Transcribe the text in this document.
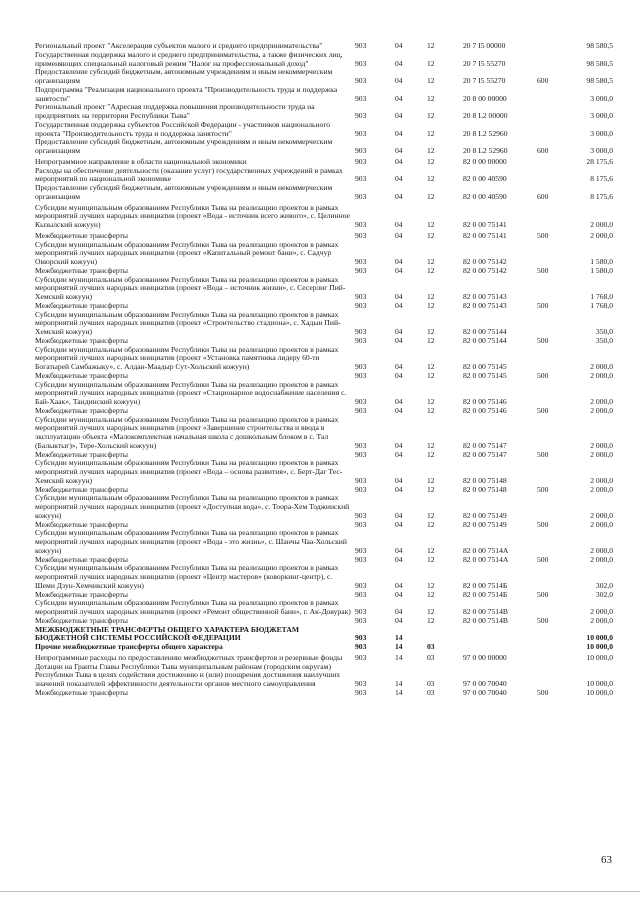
Региональный проект "Акселерация субъектов малого и среднего предпринимательства"	903	04	12	20 7 I5 00000	98 580,5
Государственная поддержка малого и среднего предпринимательства, а также физических лиц, применяющих специальный налоговый режим "Налог на профессиональный доход"	903	04	12	20 7 I5 55270	98 580,5
Предоставление субсидий бюджетным, автономным учреждениям и иным некоммерческим организациям	903	04	12	20 7 I5 55270	600	98 580,5
Подпрограмма "Реализация национального проекта "Производительность труда и поддержка занятости"	903	04	12	20 8 00 00000	3 000,0
Региональный проект "Адресная поддержка повышения производительности труда на предприятиях на территории Республики Тыва"	903	04	12	20 8 L2 00000	3 000,0
Государственная поддержка субъектов Российской Федерации - участников национального проекта "Производительность труда и поддержка занятости"	903	04	12	20 8 L2 52960	3 000,0
Предоставление субсидий бюджетным, автономным учреждениям и иным некоммерческим организациям	903	04	12	20 8 L2 52960	600	3 000,0
Непрограммное направление в области национальной экономики	903	04	12	82 0 00 00000	28 175,6
Расходы на обеспечение деятельности (оказание услуг) государственных учреждений в рамках мероприятий по национальной экономике	903	04	12	82 0 00 40590	8 175,6
Предоставление субсидий бюджетным, автономным учреждениям и иным некоммерческим организациям	903	04	12	82 0 00 40590	600	8 175,6
Субсидии муниципальным образованиям Республики Тыва на реализацию проектов в рамках мероприятий лучших народных инициатив (проект «Вода - источник всего живого», с. Целинное Кызылский кожуун)	903	04	12	82 0 00 75141	2 000,0
Межбюджетные трансферты	903	04	12	82 0 00 75141	500	2 000,0
Субсидии муниципальным образованиям Республики Тыва на реализацию проектов в рамках мероприятий лучших народных инициатив (проект «Капитальный ремонт бани», с. Садчур Овюрский кожуун)	903	04	12	82 0 00 75142	1 580,0
Межбюджетные трансферты	903	04	12	82 0 00 75142	500	1 580,0
Субсидии муниципальным образованиям Республики Тыва на реализацию проектов в рамках мероприятий лучших народных инициатив (проект «Вода – источник жизни», с. Сесерлиг Пий-Хемский кожуун)	903	04	12	82 0 00 75143	1 768,0
Межбюджетные трансферты	903	04	12	82 0 00 75143	500	1 768,0
Субсидии муниципальным образованиям Республики Тыва на реализацию проектов в рамках мероприятий лучших народных инициатив (проект «Строительство стадиона», с. Хадын Пий-Хемский кожуун)	903	04	12	82 0 00 75144	350,0
Межбюджетные трансферты	903	04	12	82 0 00 75144	500	350,0
Субсидии муниципальным образованиям Республики Тыва на реализацию проектов в рамках мероприятий лучших народных инициатив (проект «Установка памятника лидеру 60-ти Богатырей Самбажыку», с. Алдан-Маадыр Сут-Хольский кожуун)	903	04	12	82 0 00 75145	2 000,0
Межбюджетные трансферты	903	04	12	82 0 00 75145	500	2 000,0
Субсидии муниципальным образованиям Республики Тыва на реализацию проектов в рамках мероприятий лучших народных инициатив (проект «Стационарное водоснабжение населения с. Бай-Хаак», Тандинский кожуун)	903	04	12	82 0 00 75146	2 000,0
Межбюджетные трансферты	903	04	12	82 0 00 75146	500	2 000,0
Субсидии муниципальным образованиям Республики Тыва на реализацию проектов в рамках мероприятий лучших народных инициатив (проект «Завершение строительства и ввода в эксплуатацию объекта «Малокомплектная начальная школа с дошкольным блоком в с. Тал (Балыктыг)», Тере-Хольский кожуун)	903	04	12	82 0 00 75147	2 000,0
Межбюджетные трансферты	903	04	12	82 0 00 75147	500	2 000,0
Субсидии муниципальным образованиям Республики Тыва на реализацию проектов в рамках мероприятий лучших народных инициатив (проект «Вода – основа развития», с. Берт-Даг Тес-Хемский кожуун)	903	04	12	82 0 00 75148	2 000,0
Межбюджетные трансферты	903	04	12	82 0 00 75148	500	2 000,0
Субсидии муниципальным образованиям Республики Тыва на реализацию проектов в рамках мероприятий лучших народных инициатив (проект «Доступная вода», с. Тоора-Хем Тоджинский кожуун)	903	04	12	82 0 00 75149	2 000,0
Межбюджетные трансферты	903	04	12	82 0 00 75149	500	2 000,0
Субсидии муниципальным образованиям Республики Тыва на реализацию проектов в рамках мероприятий лучших народных инициатив (проект «Вода - это жизнь», с. Шанчы Чаа-Хольский кожуун)	903	04	12	82 0 00 7514А	2 000,0
Межбюджетные трансферты	903	04	12	82 0 00 7514А	500	2 000,0
Субсидии муниципальным образованиям Республики Тыва на реализацию проектов в рамках мероприятий лучших народных инициатив (проект «Центр мастеров» (коворкинг-центр), с. Шеми Дзун-Хемчикский кожуун)	903	04	12	82 0 00 7514Б	302,0
Межбюджетные трансферты	903	04	12	82 0 00 7514Б	500	302,0
Субсидии муниципальным образованиям Республики Тыва на реализацию проектов в рамках мероприятий лучших народных инициатив (проект «Ремонт общественной бани», г. Ак-Довурак) 903	04	12	82 0 00 7514В	2 000,0
Межбюджетные трансферты	903	04	12	82 0 00 7514В	500	2 000,0
МЕЖБЮДЖЕТНЫЕ ТРАНСФЕРТЫ ОБЩЕГО ХАРАКТЕРА БЮДЖЕТАМ БЮДЖЕТНОЙ СИСТЕМЫ РОССИЙСКОЙ ФЕДЕРАЦИИ	903	14	10 000,0
Прочие межбюджетные трансферты общего характера	903	14	03	10 000,0
Непрограммные расходы по предоставлению межбюджетных трансфертов и резервные фонды	903	14	03	97 0 00 00000	10 000,0
Дотации на Гранты Главы Республики Тыва муниципальным районам (городским округам) Республики Тыва в целях содействия достижению и (или) поощрения достижения наилучших значений показателей эффективности деятельности органов местного самоуправления	903	14	03	97 0 00 70040	10 000,0
Межбюджетные трансферты	903	14	03	97 0 00 70040	500	10 000,0
63
